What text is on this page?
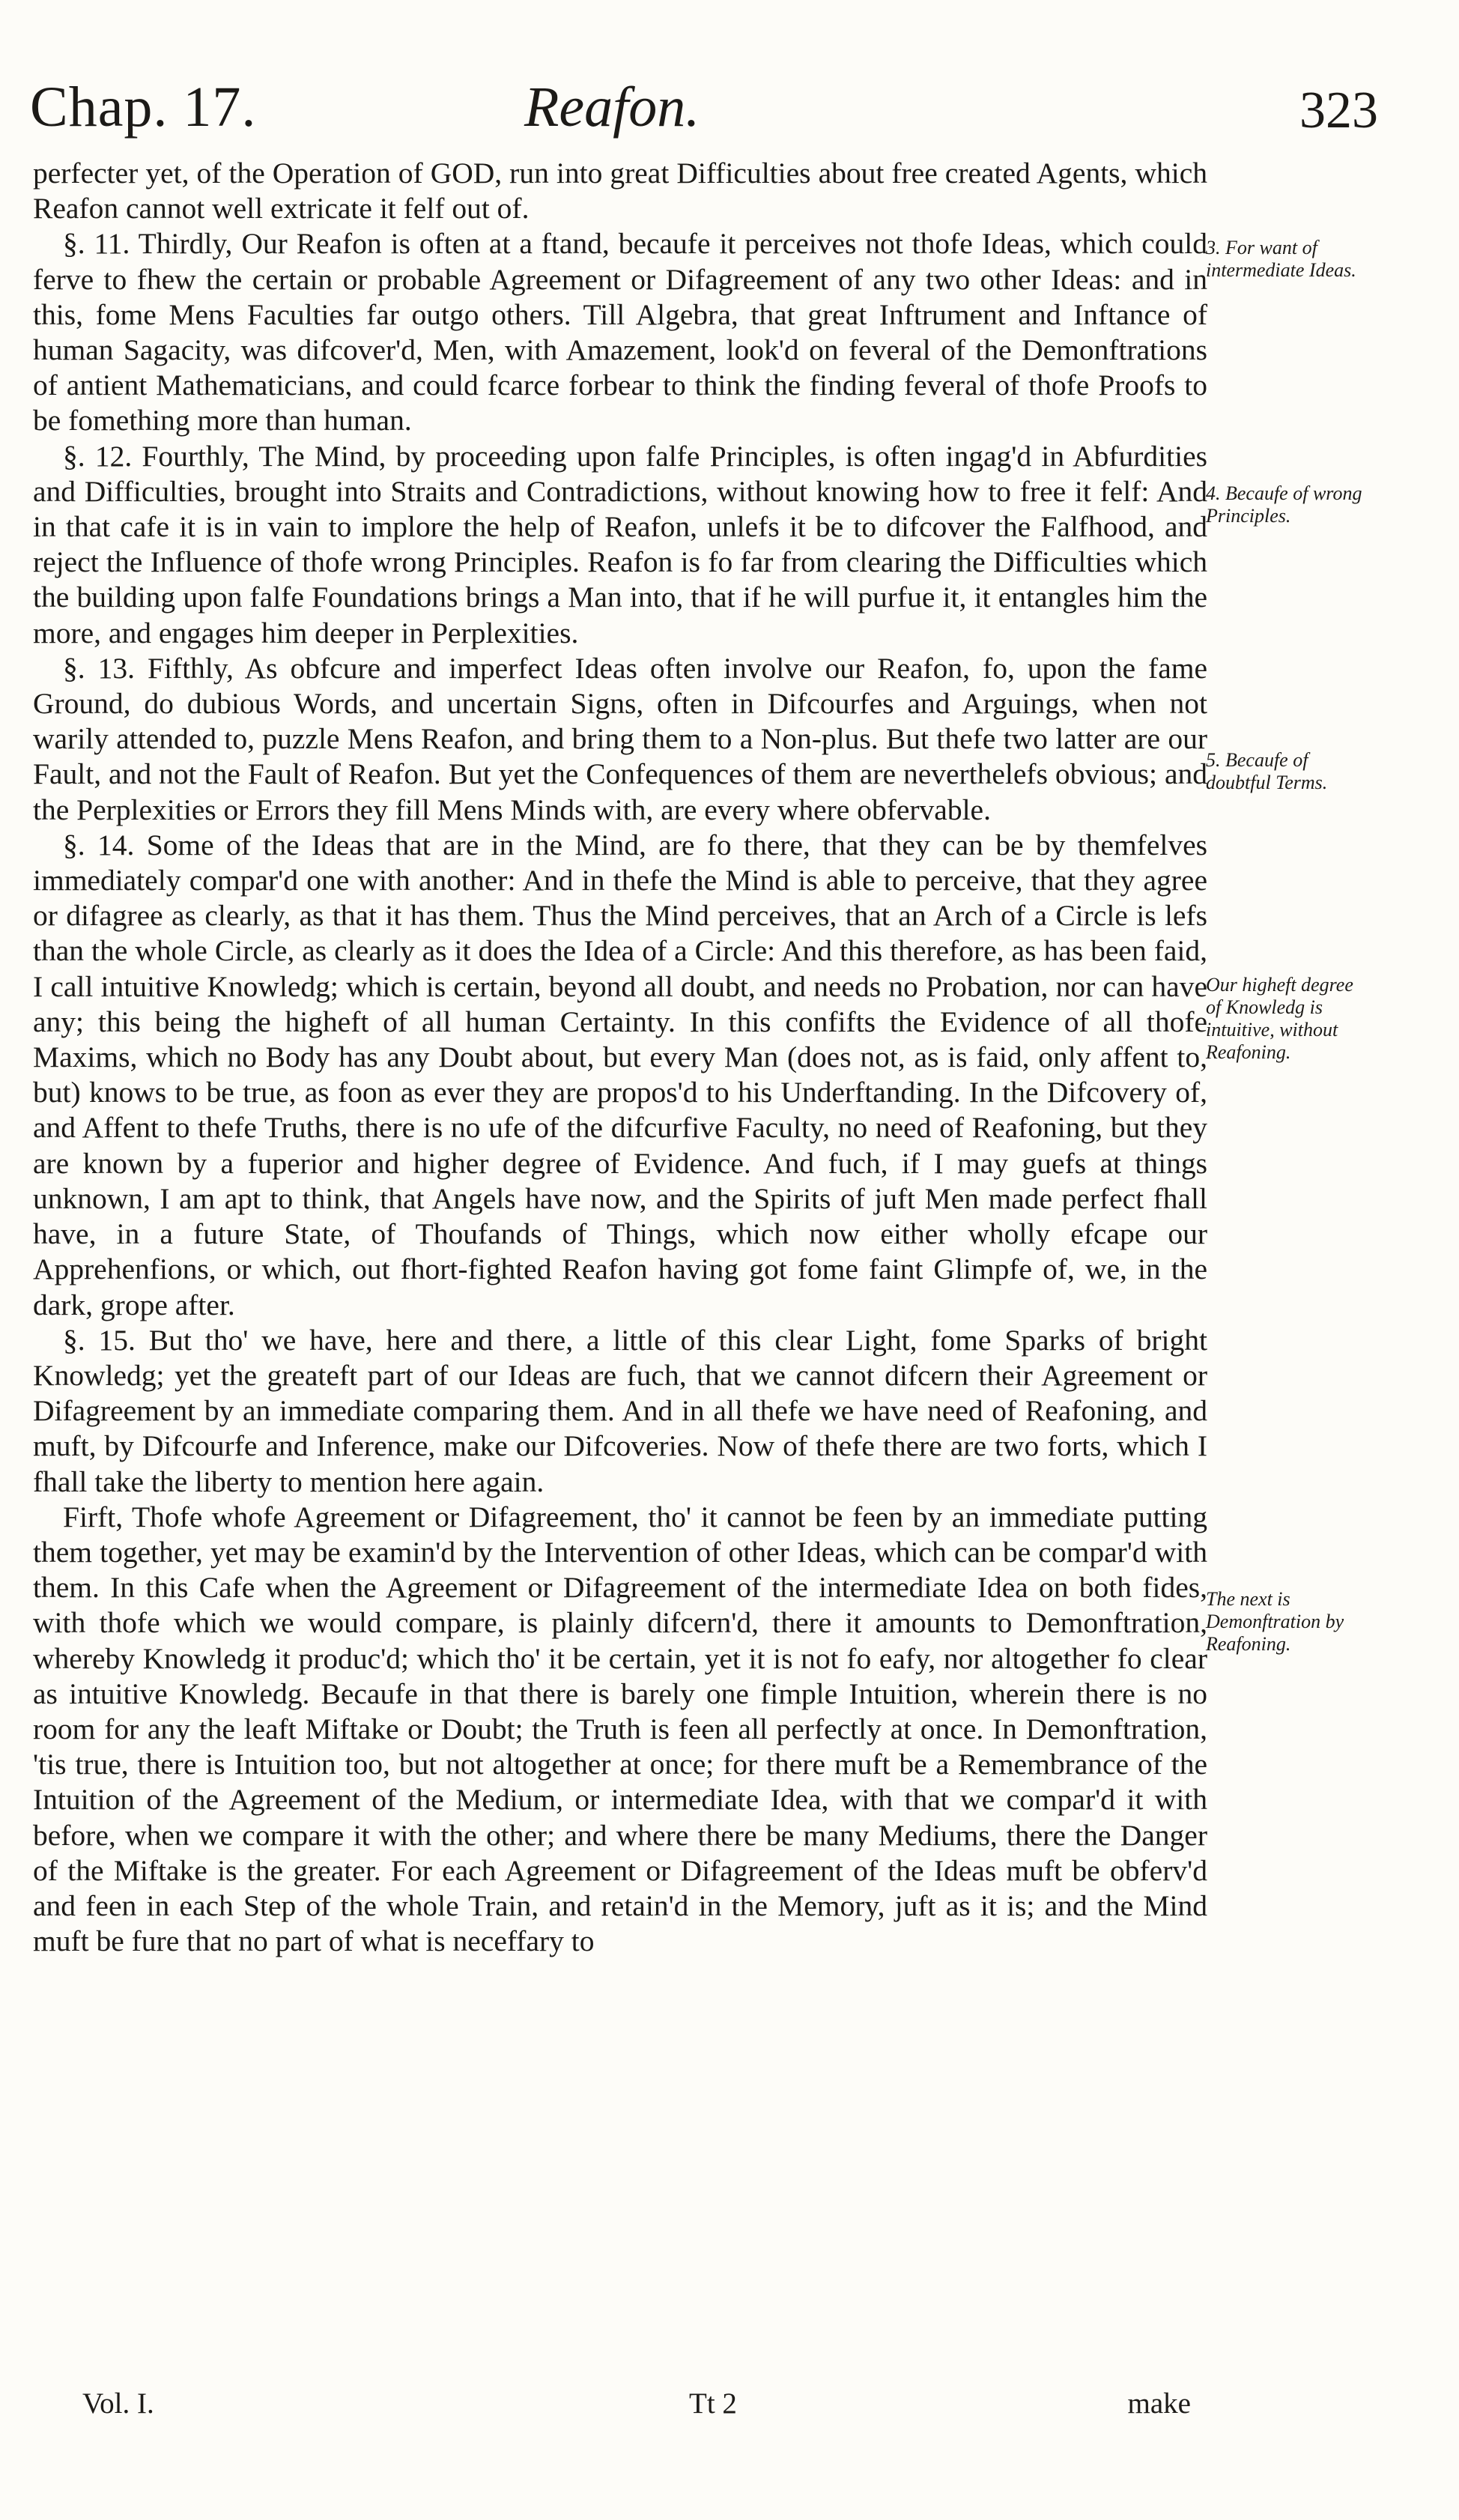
Chap. 17.	Reafon.	323

perfecter yet, of the Operation of GOD, run into great Difficulties about free created Agents, which Reafon cannot well extricate it felf out of.

§. 11. Thirdly, Our Reafon is often at a ftand, becaufe it perceives not thofe Ideas, which could ferve to fhew the certain or probable Agreement or Difagreement of any two other Ideas: and in this, fome Mens Faculties far outgo others. Till Algebra, that great Inftrument and Inftance of human Sagacity, was difcover'd, Men, with Amazement, look'd on feveral of the Demonftrations of antient Mathematicians, and could fcarce forbear to think the finding feveral of thofe Proofs to be fomething more than human.

§. 12. Fourthly, The Mind, by proceeding upon falfe Principles, is often ingag'd in Abfurdities and Difficulties, brought into Straits and Contradictions, without knowing how to free it felf: And in that cafe it is in vain to implore the help of Reafon, unlefs it be to difcover the Falfhood, and reject the Influence of thofe wrong Principles. Reafon is fo far from clearing the Difficulties which the building upon falfe Foundations brings a Man into, that if he will purfue it, it entangles him the more, and engages him deeper in Perplexities.

§. 13. Fifthly, As obfcure and imperfect Ideas often involve our Reafon, fo, upon the fame Ground, do dubious Words, and uncertain Signs, often in Difcourfes and Arguings, when not warily attended to, puzzle Mens Reafon, and bring them to a Non-plus. But thefe two latter are our Fault, and not the Fault of Reafon. But yet the Confequences of them are neverthelefs obvious; and the Perplexities or Errors they fill Mens Minds with, are every where obfervable.

§. 14. Some of the Ideas that are in the Mind, are fo there, that they can be by themfelves immediately compar'd one with another: And in thefe the Mind is able to perceive, that they agree or difagree as clearly, as that it has them. Thus the Mind perceives, that an Arch of a Circle is lefs than the whole Circle, as clearly as it does the Idea of a Circle: And this therefore, as has been faid, I call intuitive Knowledg; which is certain, beyond all doubt, and needs no Probation, nor can have any; this being the higheft of all human Certainty. In this confifts the Evidence of all thofe Maxims, which no Body has any Doubt about, but every Man (does not, as is faid, only affent to, but) knows to be true, as foon as ever they are propos'd to his Underftanding. In the Difcovery of, and Affent to thefe Truths, there is no ufe of the difcurfive Faculty, no need of Reafoning, but they are known by a fuperior and higher degree of Evidence. And fuch, if I may guefs at things unknown, I am apt to think, that Angels have now, and the Spirits of juft Men made perfect fhall have, in a future State, of Thoufands of Things, which now either wholly efcape our Apprehenfions, or which, out fhort-fighted Reafon having got fome faint Glimpfe of, we, in the dark, grope after.

§. 15. But tho' we have, here and there, a little of this clear Light, fome Sparks of bright Knowledg; yet the greateft part of our Ideas are fuch, that we cannot difcern their Agreement or Difagreement by an immediate comparing them. And in all thefe we have need of Reafoning, and muft, by Difcourfe and Inference, make our Difcoveries. Now of thefe there are two forts, which I fhall take the liberty to mention here again.

Firft, Thofe whofe Agreement or Difagreement, tho' it cannot be feen by an immediate putting them together, yet may be examin'd by the Intervention of other Ideas, which can be compar'd with them. In this Cafe when the Agreement or Difagreement of the intermediate Idea on both fides, with thofe which we would compare, is plainly difcern'd, there it amounts to Demonftration, whereby Knowledg it produc'd; which tho' it be certain, yet it is not fo eafy, nor altogether fo clear as intuitive Knowledg. Becaufe in that there is barely one fimple Intuition, wherein there is no room for any the leaft Miftake or Doubt; the Truth is feen all perfectly at once. In Demonftration, 'tis true, there is Intuition too, but not altogether at once; for there muft be a Remembrance of the Intuition of the Agreement of the Medium, or intermediate Idea, with that we compar'd it with before, when we compare it with the other; and where there be many Mediums, there the Danger of the Miftake is the greater. For each Agreement or Difagreement of the Ideas muft be obferv'd and feen in each Step of the whole Train, and retain'd in the Memory, juft as it is; and the Mind muft be fure that no part of what is neceffary to

3. For want of intermediate Ideas.
4. Becaufe of wrong Principles.
5. Becaufe of doubtful Terms.
Our higheft degree of Knowledg is intuitive, without Reafoning.
The next is Demonftration by Reafoning.
Vol. I.	Tt 2	make
